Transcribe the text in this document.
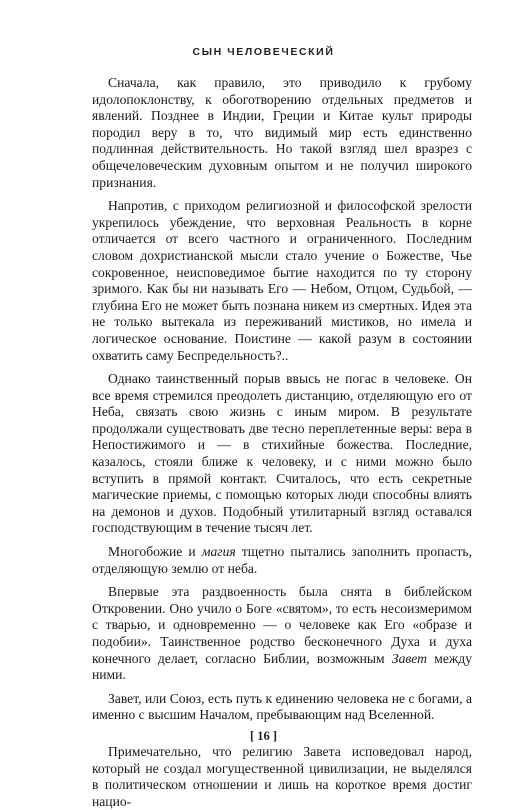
СЫН ЧЕЛОВЕЧЕСКИЙ

Сначала, как правило, это приводило к грубому идолопоклонству, к обоготворению отдельных предметов и явлений. Позднее в Индии, Греции и Китае культ природы породил веру в то, что видимый мир есть единственно подлинная действительность. Но такой взгляд шел вразрез с общечеловеческим духовным опытом и не получил широкого признания.

Напротив, с приходом религиозной и философской зрелости укрепилось убеждение, что верховная Реальность в корне отличается от всего частного и ограниченного. Последним словом дохристианской мысли стало учение о Божестве, Чье сокровенное, неисповедимое бытие находится по ту сторону зримого. Как бы ни называть Его — Небом, Отцом, Судьбой, — глубина Его не может быть познана никем из смертных. Идея эта не только вытекала из переживаний мистиков, но имела и логическое основание. Поистине — какой разум в состоянии охватить саму Беспредельность?..

Однако таинственный порыв ввысь не погас в человеке. Он все время стремился преодолеть дистанцию, отделяющую его от Неба, связать свою жизнь с иным миром. В результате продолжали существовать две тесно переплетенные веры: вера в Непостижимого и — в стихийные божества. Последние, казалось, стояли ближе к человеку, и с ними можно было вступить в прямой контакт. Считалось, что есть секретные магические приемы, с помощью которых люди способны влиять на демонов и духов. Подобный утилитарный взгляд оставался господствующим в течение тысяч лет.

Многобожие и магия тщетно пытались заполнить пропасть, отделяющую землю от неба.

Впервые эта раздвоенность была снята в библейском Откровении. Оно учило о Боге «святом», то есть несоизмеримом с тварью, и одновременно — о человеке как Его «образе и подобии». Таинственное родство бесконечного Духа и духа конечного делает, согласно Библии, возможным Завет между ними.

Завет, или Союз, есть путь к единению человека не с богами, а именно с высшим Началом, пребывающим над Вселенной.

Примечательно, что религию Завета исповедовал народ, который не создал могущественной цивилизации, не выделялся в политическом отношении и лишь на короткое время достиг нацио-

[ 16 ]
